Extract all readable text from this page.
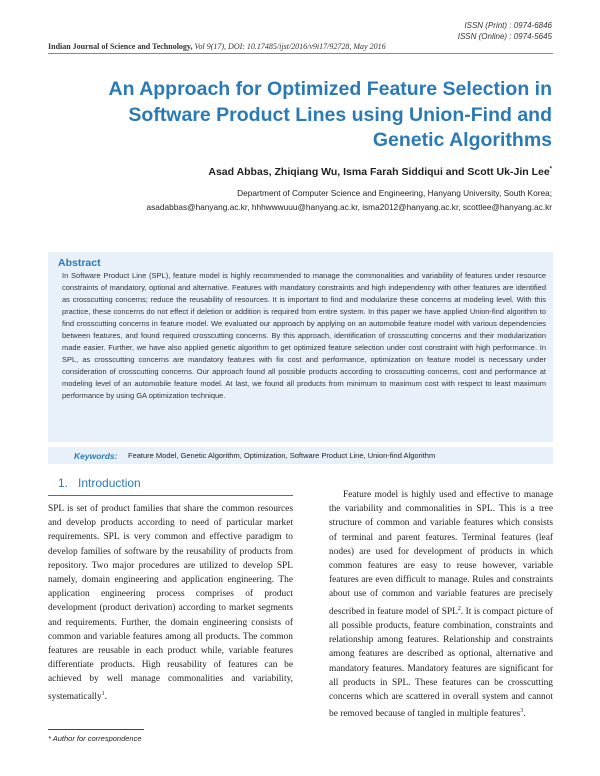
ISSN (Print) : 0974-6846
ISSN (Online) : 0974-5645
Indian Journal of Science and Technology, Vol 9(17), DOI: 10.17485/ijst/2016/v9i17/92728, May 2016
An Approach for Optimized Feature Selection in Software Product Lines using Union-Find and Genetic Algorithms
Asad Abbas, Zhiqiang Wu, Isma Farah Siddiqui and Scott Uk-Jin Lee*
Department of Computer Science and Engineering, Hanyang University, South Korea;
asadabbas@hanyang.ac.kr, hhhwwwuuu@hanyang.ac.kr, isma2012@hanyang.ac.kr, scottlee@hanyang.ac.kr
Abstract
In Software Product Line (SPL), feature model is highly recommended to manage the commonalities and variability of features under resource constraints of mandatory, optional and alternative. Features with mandatory constraints and high independency with other features are identified as crosscutting concerns; reduce the reusability of resources. It is important to find and modularize these concerns at modeling level. With this practice, these concerns do not effect if deletion or addition is required from entire system. In this paper we have applied Union-find algorithm to find crosscutting concerns in feature model. We evaluated our approach by applying on an automobile feature model with various dependencies between features, and found required crosscutting concerns. By this approach, identification of crosscutting concerns and their modularization made easier. Further, we have also applied genetic algorithm to get optimized feature selection under cost constraint with high performance. In SPL, as crosscutting concerns are mandatory features with fix cost and performance, optimization on feature model is necessary under consideration of crosscutting concerns. Our approach found all possible products according to crosscutting concerns, cost and performance at modeling level of an automobile feature model. At last, we found all products from minimum to maximum cost with respect to least maximum performance by using GA optimization technique.
Keywords: Feature Model, Genetic Algorithm, Optimization, Software Product Line, Union-find Algorithm
1. Introduction

SPL is set of product families that share the common resources and develop products according to need of particular market requirements. SPL is very common and effective paradigm to develop families of software by the reusability of products from repository. Two major procedures are utilized to develop SPL namely, domain engineering and application engineering. The application engineering process comprises of product development (product derivation) according to market segments and requirements. Further, the domain engineering consists of common and variable features among all products. The common features are reusable in each product while, variable features differentiate products. High reusability of features can be achieved by well manage commonalities and variability, systematically$^1$.

Feature model is highly used and effective to manage the variability and commonalities in SPL. This is a tree structure of common and variable features which consists of terminal and parent features. Terminal features (leaf nodes) are used for development of products in which common features are easy to reuse however, variable features are even difficult to manage. Rules and constraints about use of common and variable features are precisely described in feature model of SPL$^2$. It is compact picture of all possible products, feature combination, constraints and relationship among features. Relationship and constraints among features are described as optional, alternative and mandatory features. Mandatory features are significant for all products in SPL. These features can be crosscutting concerns which are scattered in overall system and cannot be removed because of tangled in multiple features$^3$.

* Author for correspondence
